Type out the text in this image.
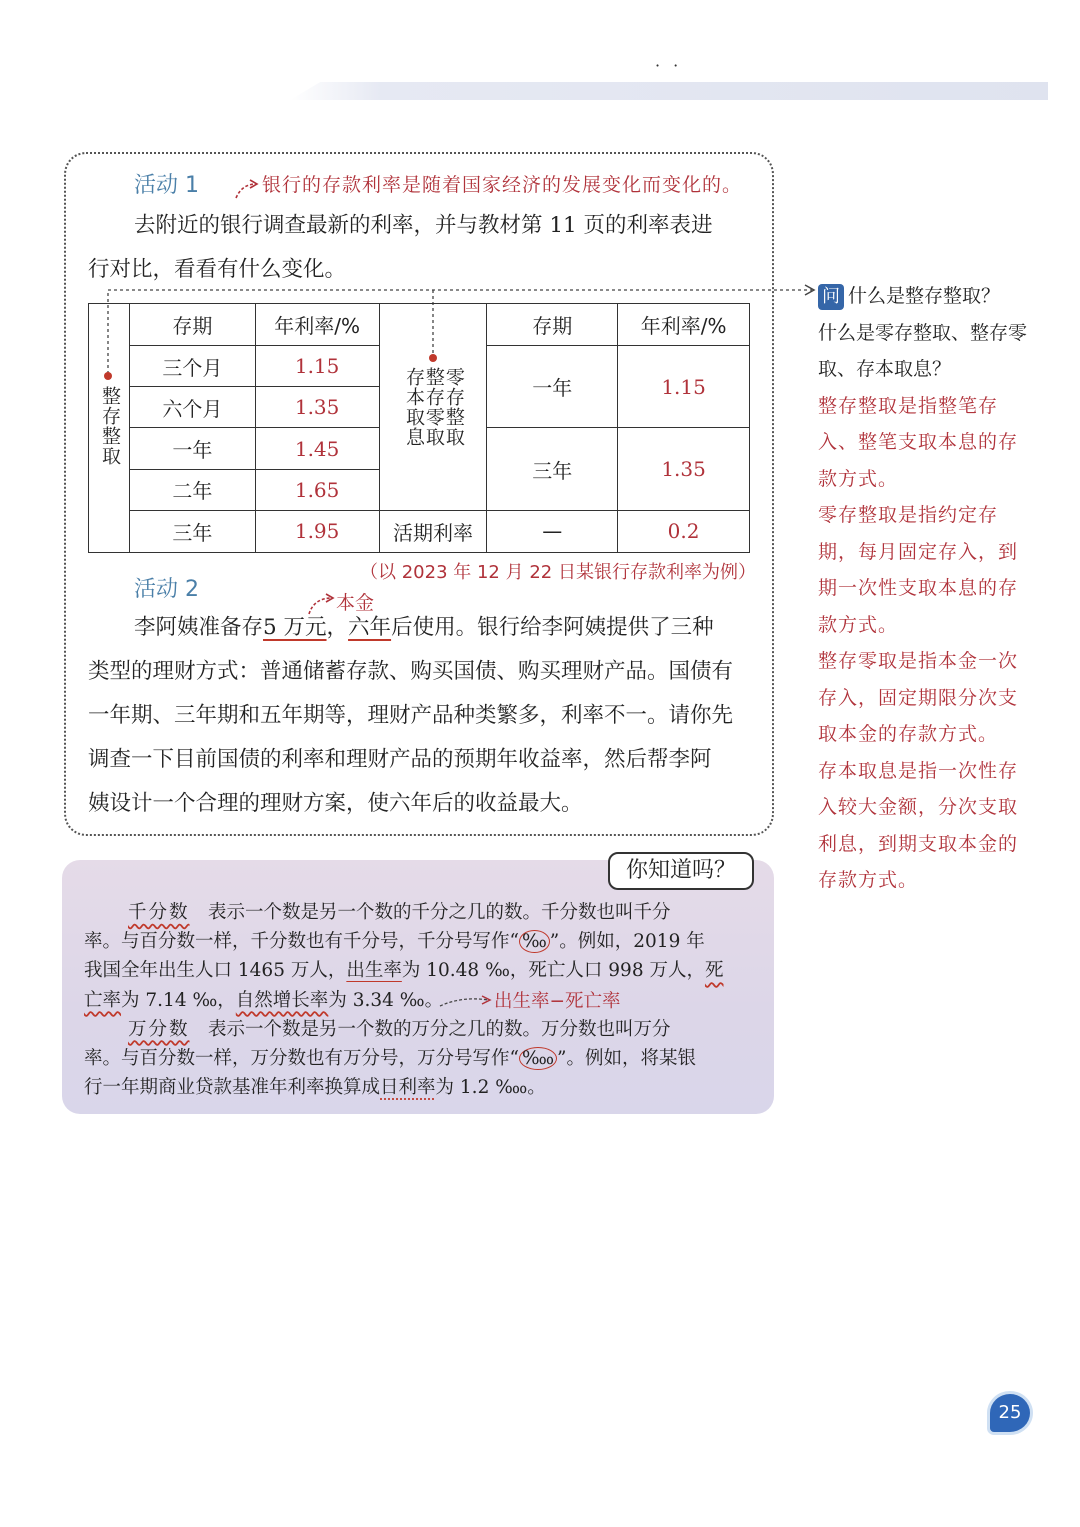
· ·
活动 1	银行的存款利率是随着国家经济的发展变化而变化的。
去附近的银行调查最新的利率，并与教材第 11 页的利率表进
行对比，看看有什么变化。
整存整取	存期	年利率/%	零存整取 整存零取 存本取息	存期	年利率/%
	三个月	1.15		一年	1.15
	六个月	1.35			
	一年	1.45		三年	1.35
	二年	1.65			
	三年	1.95	活期利率	—	0.2
（以 2023 年 12 月 22 日某银行存款利率为例）
活动 2
本金
李阿姨准备存5 万元，六年后使用。银行给李阿姨提供了三种
类型的理财方式：普通储蓄存款、购买国债、购买理财产品。国债有
一年期、三年期和五年期等，理财产品种类繁多，利率不一。请你先
调查一下目前国债的利率和理财产品的预期年收益率，然后帮李阿
姨设计一个合理的理财方案，使六年后的收益最大。
问 什么是整存整取？
什么是零存整取、整存零取、存本取息？
整存整取是指整笔存入、整笔支取本息的存款方式。
零存整取是指约定存期，每月固定存入，到期一次性支取本息的存款方式。
整存零取是指本金一次存入，固定期限分次支取本金的存款方式。
存本取息是指一次性存入较大金额，分次支取利息，到期支取本金的存款方式。
你知道吗？
千分数　表示一个数是另一个数的千分之几的数。千分数也叫千分
率。与百分数一样，千分数也有千分号，千分号写作“ ‰ ”。例如，2019 年
我国全年出生人口 1465 万人，出生率为 10.48 ‰，死亡人口 998 万人，死
亡率为 7.14 ‰，自然增长率为 3.34 ‰。
万分数　表示一个数是另一个数的万分之几的数。万分数也叫万分
率。与百分数一样，万分数也有万分号，万分号写作“ ‱ ”。例如，将某银
行一年期商业贷款基准年利率换算成日利率为 1.2 ‱。
出生率−死亡率
25
